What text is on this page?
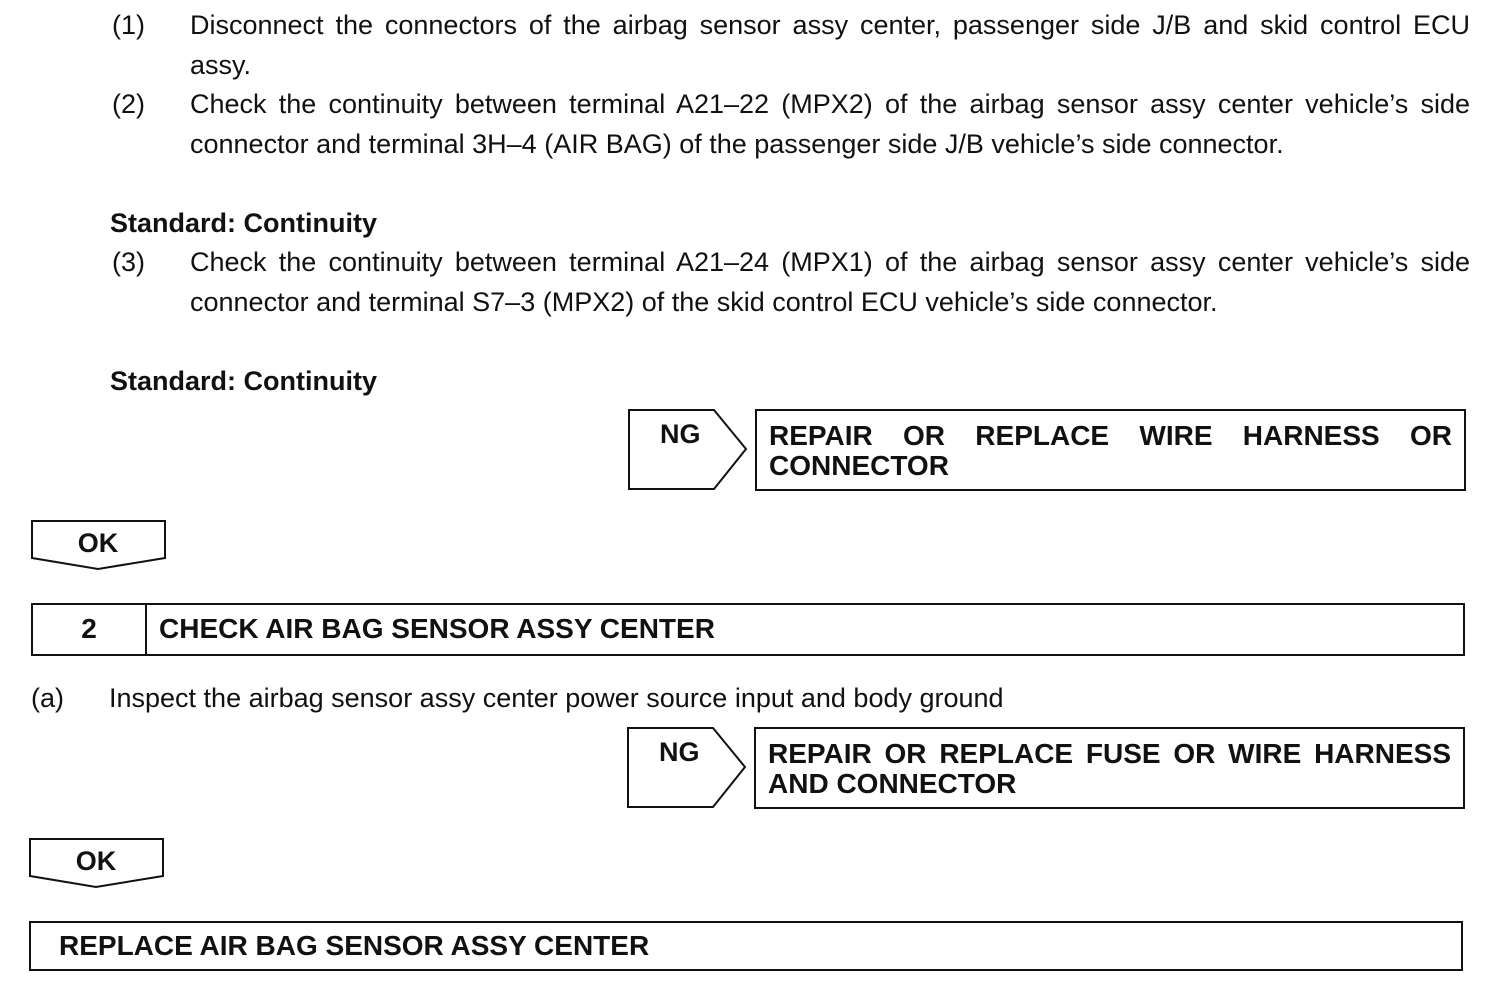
(1)	Disconnect the connectors of the airbag sensor assy center, passenger side J/B and skid control ECU assy.
(2)	Check the continuity between terminal A21–22 (MPX2) of the airbag sensor assy center vehicle’s side connector and terminal 3H–4 (AIR BAG) of the passenger side J/B vehicle’s side connector.
Standard: Continuity
(3)	Check the continuity between terminal A21–24 (MPX1) of the airbag sensor assy center vehicle’s side connector and terminal S7–3 (MPX2) of the skid control ECU vehicle’s side connector.
Standard: Continuity
NG	REPAIR OR REPLACE WIRE HARNESS OR CONNECTOR
OK
2	CHECK AIR BAG SENSOR ASSY CENTER
(a) Inspect the airbag sensor assy center power source input and body ground
NG	REPAIR OR REPLACE FUSE OR WIRE HARNESS AND CONNECTOR
OK
REPLACE AIR BAG SENSOR ASSY CENTER
